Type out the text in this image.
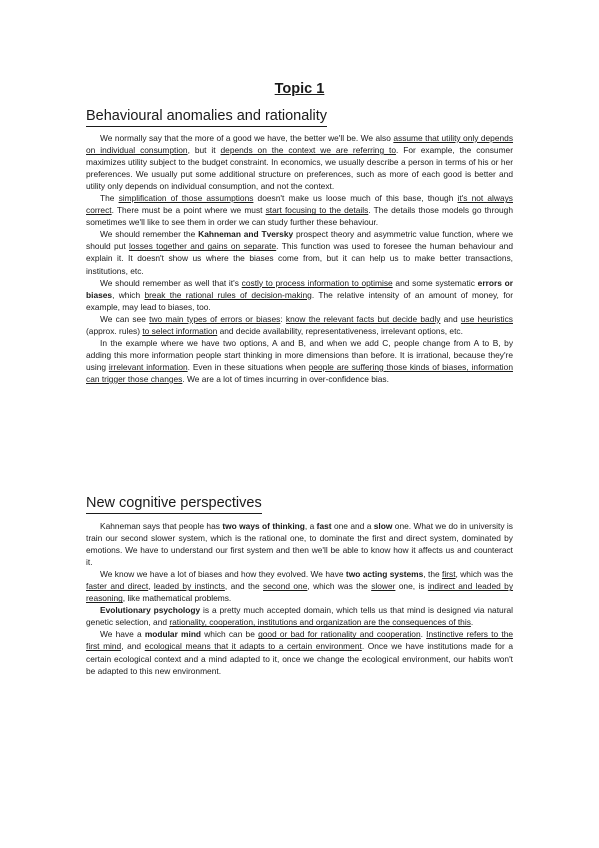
Topic 1
Behavioural anomalies and rationality

We normally say that the more of a good we have, the better we'll be. We also assume that utility only depends on individual consumption, but it depends on the context we are referring to. For example, the consumer maximizes utility subject to the budget constraint. In economics, we usually describe a person in terms of his or her preferences. We usually put some additional structure on preferences, such as more of each good is better and utility only depends on individual consumption, and not the context.

The simplification of those assumptions doesn't make us loose much of this base, though it's not always correct. There must be a point where we must start focusing to the details. The details those models go through sometimes we'll like to see them in order we can study further these behaviour.

We should remember the Kahneman and Tversky prospect theory and asymmetric value function, where we should put losses together and gains on separate. This function was used to foresee the human behaviour and explain it. It doesn't show us where the biases come from, but it can help us to make better transactions, institutions, etc.

We should remember as well that it's costly to process information to optimise and some systematic errors or biases, which break the rational rules of decision-making. The relative intensity of an amount of money, for example, may lead to biases, too.

We can see two main types of errors or biases: know the relevant facts but decide badly and use heuristics (approx. rules) to select information and decide availability, representativeness, irrelevant options, etc.

In the example where we have two options, A and B, and when we add C, people change from A to B, by adding this more information people start thinking in more dimensions than before. It is irrational, because they're using irrelevant information. Even in these situations when people are suffering those kinds of biases, information can trigger those changes. We are a lot of times incurring in over-confidence bias.

New cognitive perspectives

Kahneman says that people has two ways of thinking, a fast one and a slow one. What we do in university is train our second slower system, which is the rational one, to dominate the first and direct system, dominated by emotions. We have to understand our first system and then we'll be able to know how it affects us and counteract it.

We know we have a lot of biases and how they evolved. We have two acting systems, the first, which was the faster and direct, leaded by instincts, and the second one, which was the slower one, is indirect and leaded by reasoning, like mathematical problems.

Evolutionary psychology is a pretty much accepted domain, which tells us that mind is designed via natural genetic selection, and rationality, cooperation, institutions and organization are the consequences of this.

We have a modular mind which can be good or bad for rationality and cooperation. Instinctive refers to the first mind, and ecological means that it adapts to a certain environment. Once we have institutions made for a certain ecological context and a mind adapted to it, once we change the ecological environment, our habits won't be adapted to this new environment.
